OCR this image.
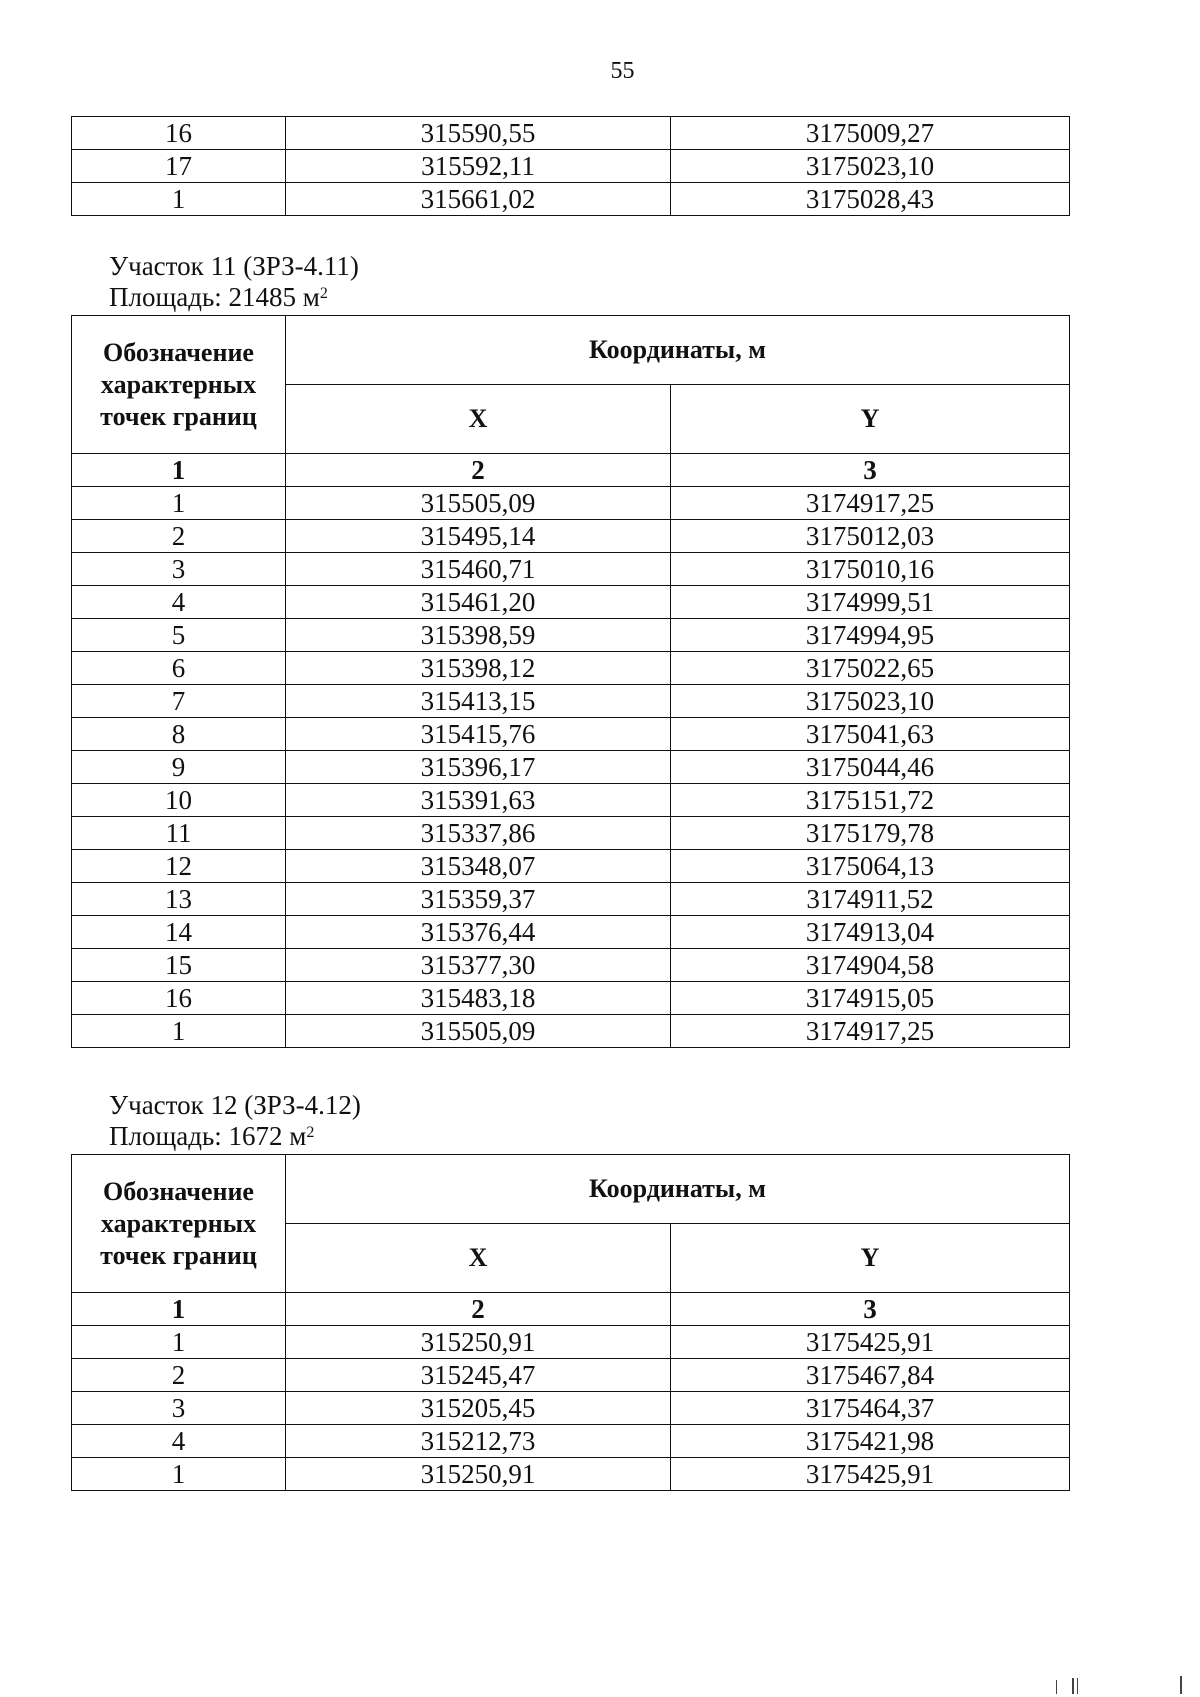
55
16	315590,55	3175009,27
17	315592,11	3175023,10
1	315661,02	3175028,43
Участок 11 (ЗРЗ-4.11)
Площадь: 21485 $м^2$
Обозначение характерных точек границ	Координаты, м	
	X	Y
1	2	3
1	315505,09	3174917,25
2	315495,14	3175012,03
3	315460,71	3175010,16
4	315461,20	3174999,51
5	315398,59	3174994,95
6	315398,12	3175022,65
7	315413,15	3175023,10
8	315415,76	3175041,63
9	315396,17	3175044,46
10	315391,63	3175151,72
11	315337,86	3175179,78
12	315348,07	3175064,13
13	315359,37	3174911,52
14	315376,44	3174913,04
15	315377,30	3174904,58
16	315483,18	3174915,05
1	315505,09	3174917,25
Участок 12 (ЗРЗ-4.12)
Площадь: 1672 $м^2$
Обозначение характерных точек границ	Координаты, м	
	X	Y
1	2	3
1	315250,91	3175425,91
2	315245,47	3175467,84
3	315205,45	3175464,37
4	315212,73	3175421,98
1	315250,91	3175425,91
